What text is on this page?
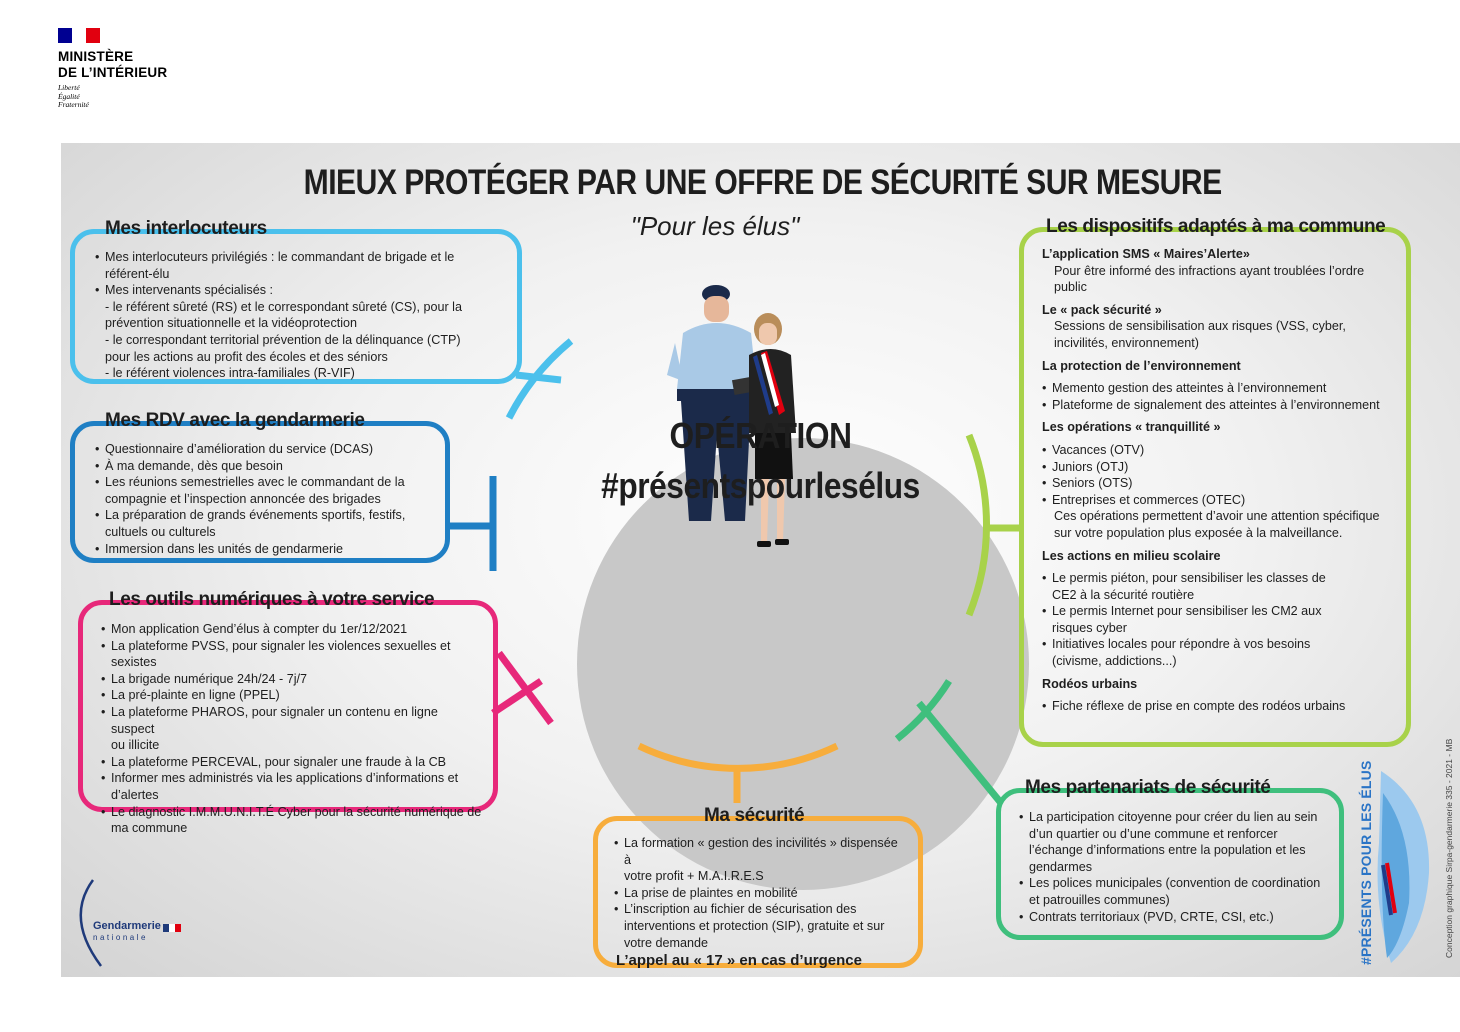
MINISTÈRE
DE L’INTÉRIEUR
Liberté
Égalité
Fraternité
MIEUX PROTÉGER PAR UNE OFFRE DE SÉCURITÉ SUR MESURE
"Pour les élus"
OPÉRATION
#présentspourlesélus
Mes interlocuteurs
• Mes interlocuteurs privilégiés : le commandant de brigade et le
référent-élu
• Mes intervenants spécialisés :
- le référent sûreté (RS) et le correspondant sûreté (CS), pour la
prévention situationnelle et la vidéoprotection
- le correspondant territorial prévention de la délinquance (CTP)
pour les actions au profit des écoles et des séniors
- le référent violences intra-familiales (R-VIF)
Mes RDV avec la gendarmerie
• Questionnaire d’amélioration du service (DCAS)
• À ma demande, dès que besoin
• Les réunions semestrielles avec le commandant de la
compagnie et l’inspection annoncée des brigades
• La préparation de grands événements sportifs, festifs,
cultuels ou culturels
• Immersion dans les unités de gendarmerie
Les outils numériques à votre service
• Mon application Gend’élus à compter du 1er/12/2021
• La plateforme PVSS, pour signaler les violences sexuelles et sexistes
• La brigade numérique 24h/24 - 7j/7
• La pré-plainte en ligne (PPEL)
• La plateforme PHAROS, pour signaler un contenu en ligne suspect
ou illicite
• La plateforme PERCEVAL, pour signaler une fraude à la CB
• Informer mes administrés via les applications d’informations et
d’alertes
• Le diagnostic I.M.M.U.N.I.T.É Cyber pour la sécurité numérique de
ma commune
Ma sécurité
• La formation « gestion des incivilités » dispensée à
votre profit + M.A.I.R.E.S
• La prise de plaintes en mobilité
• L’inscription au fichier de sécurisation des
interventions et protection (SIP), gratuite et sur
votre demande
L’appel au « 17 » en cas d’urgence
Mes partenariats de sécurité
• La participation citoyenne pour créer du lien au sein
d’un quartier ou d’une commune et renforcer
l’échange d’informations entre la population et les
gendarmes
• Les polices municipales (convention de coordination
et patrouilles communes)
• Contrats territoriaux (PVD, CRTE, CSI, etc.)
Les dispositifs adaptés à ma commune
L’application SMS « Maires’Alerte»
Pour être informé des infractions ayant troublées l’ordre
public
Le « pack sécurité »
Sessions de sensibilisation aux risques (VSS, cyber,
incivilités, environnement)
La protection de l’environnement
• Memento gestion des atteintes à l’environnement
• Plateforme de signalement des atteintes à l’environnement
Les opérations « tranquillité »
• Vacances (OTV)
• Juniors (OTJ)
• Seniors (OTS)
• Entreprises et commerces (OTEC)
Ces opérations permettent d’avoir une attention spécifique
sur votre population plus exposée à la malveillance.
Les actions en milieu scolaire
• Le permis piéton, pour sensibiliser les classes de
CE2 à la sécurité routière
• Le permis Internet pour sensibiliser les CM2 aux
risques cyber
• Initiatives locales pour répondre à vos besoins
(civisme, addictions...)
Rodéos urbains
• Fiche réflexe de prise en compte des rodéos urbains
Gendarmerie
nationale	#PRÉSENTS POUR LES ÉLUS	Conception graphique Sirpa-gendarmerie 335 - 2021 - MB
